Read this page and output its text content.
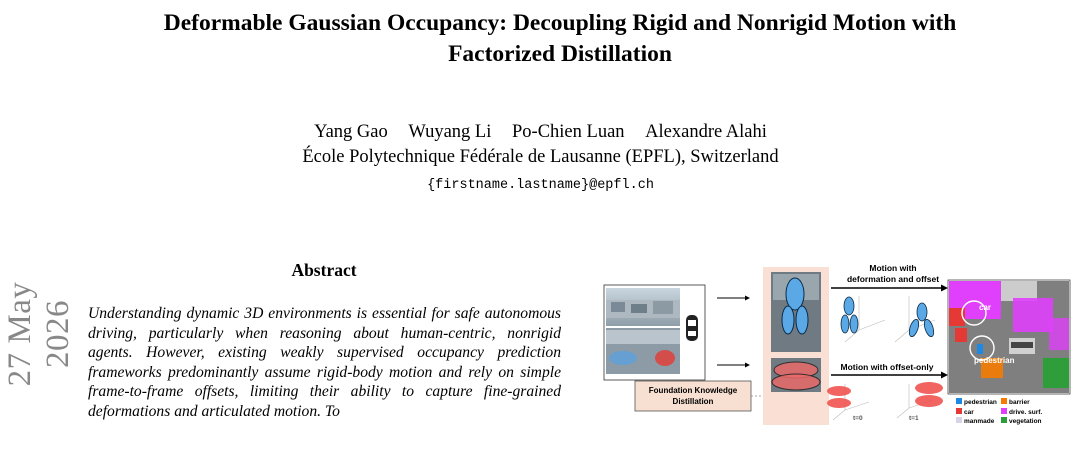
Deformable Gaussian Occupancy: Decoupling Rigid and Nonrigid Motion with
Factorized Distillation
Yang Gao Wuyang Li Po-Chien Luan Alexandre Alahi
École Polytechnique Fédérale de Lausanne (EPFL), Switzerland
{firstname.lastname}@epfl.ch
27 May 2026
Abstract
Understanding dynamic 3D environments is essential for safe autonomous driving, particularly when reasoning about human-centric, nonrigid agents. However, existing weakly supervised occupancy prediction frameworks predominantly assume rigid-body motion and rely on simple frame-to-frame offsets, limiting their ability to capture fine-grained deformations and articulated motion. To
Foundation Knowledge
Distillation
Motion with
deformation and offset
Motion with offset-only
t=0	t=1
car
pedestrian
pedestrian barrier
car	drive. surf.
manmade vegetation
